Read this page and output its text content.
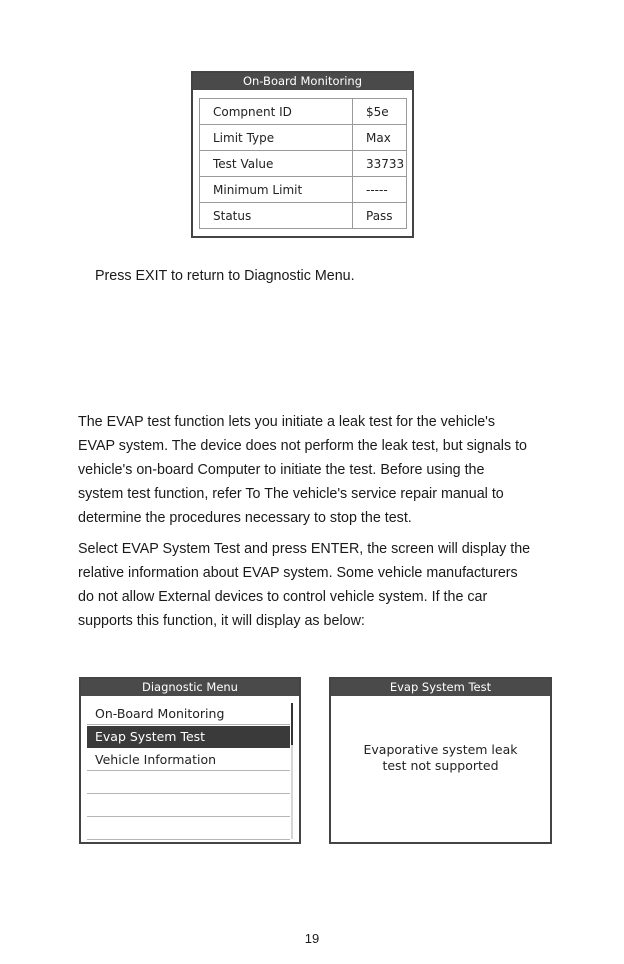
On-Board Monitoring
Compnent ID	$5e
Limit Type	Max
Test Value	33733
Minimum Limit	-----
Status	Pass
Press EXIT to return to Diagnostic Menu.
The EVAP test function lets you initiate a leak test for the vehicle's
EVAP system. The device does not perform the leak test, but signals to
vehicle's on-board Computer to initiate the test. Before using the
system test function, refer To The vehicle's service repair manual to
determine the procedures necessary to stop the test.
Select EVAP System Test and press ENTER, the screen will display the
relative information about EVAP system. Some vehicle manufacturers
do not allow External devices to control vehicle system. If the car
supports this function, it will display as below:
Diagnostic Menu
On-Board Monitoring
Evap System Test
Vehicle Information
Evap System Test
Evaporative system leak
test not supported
19
